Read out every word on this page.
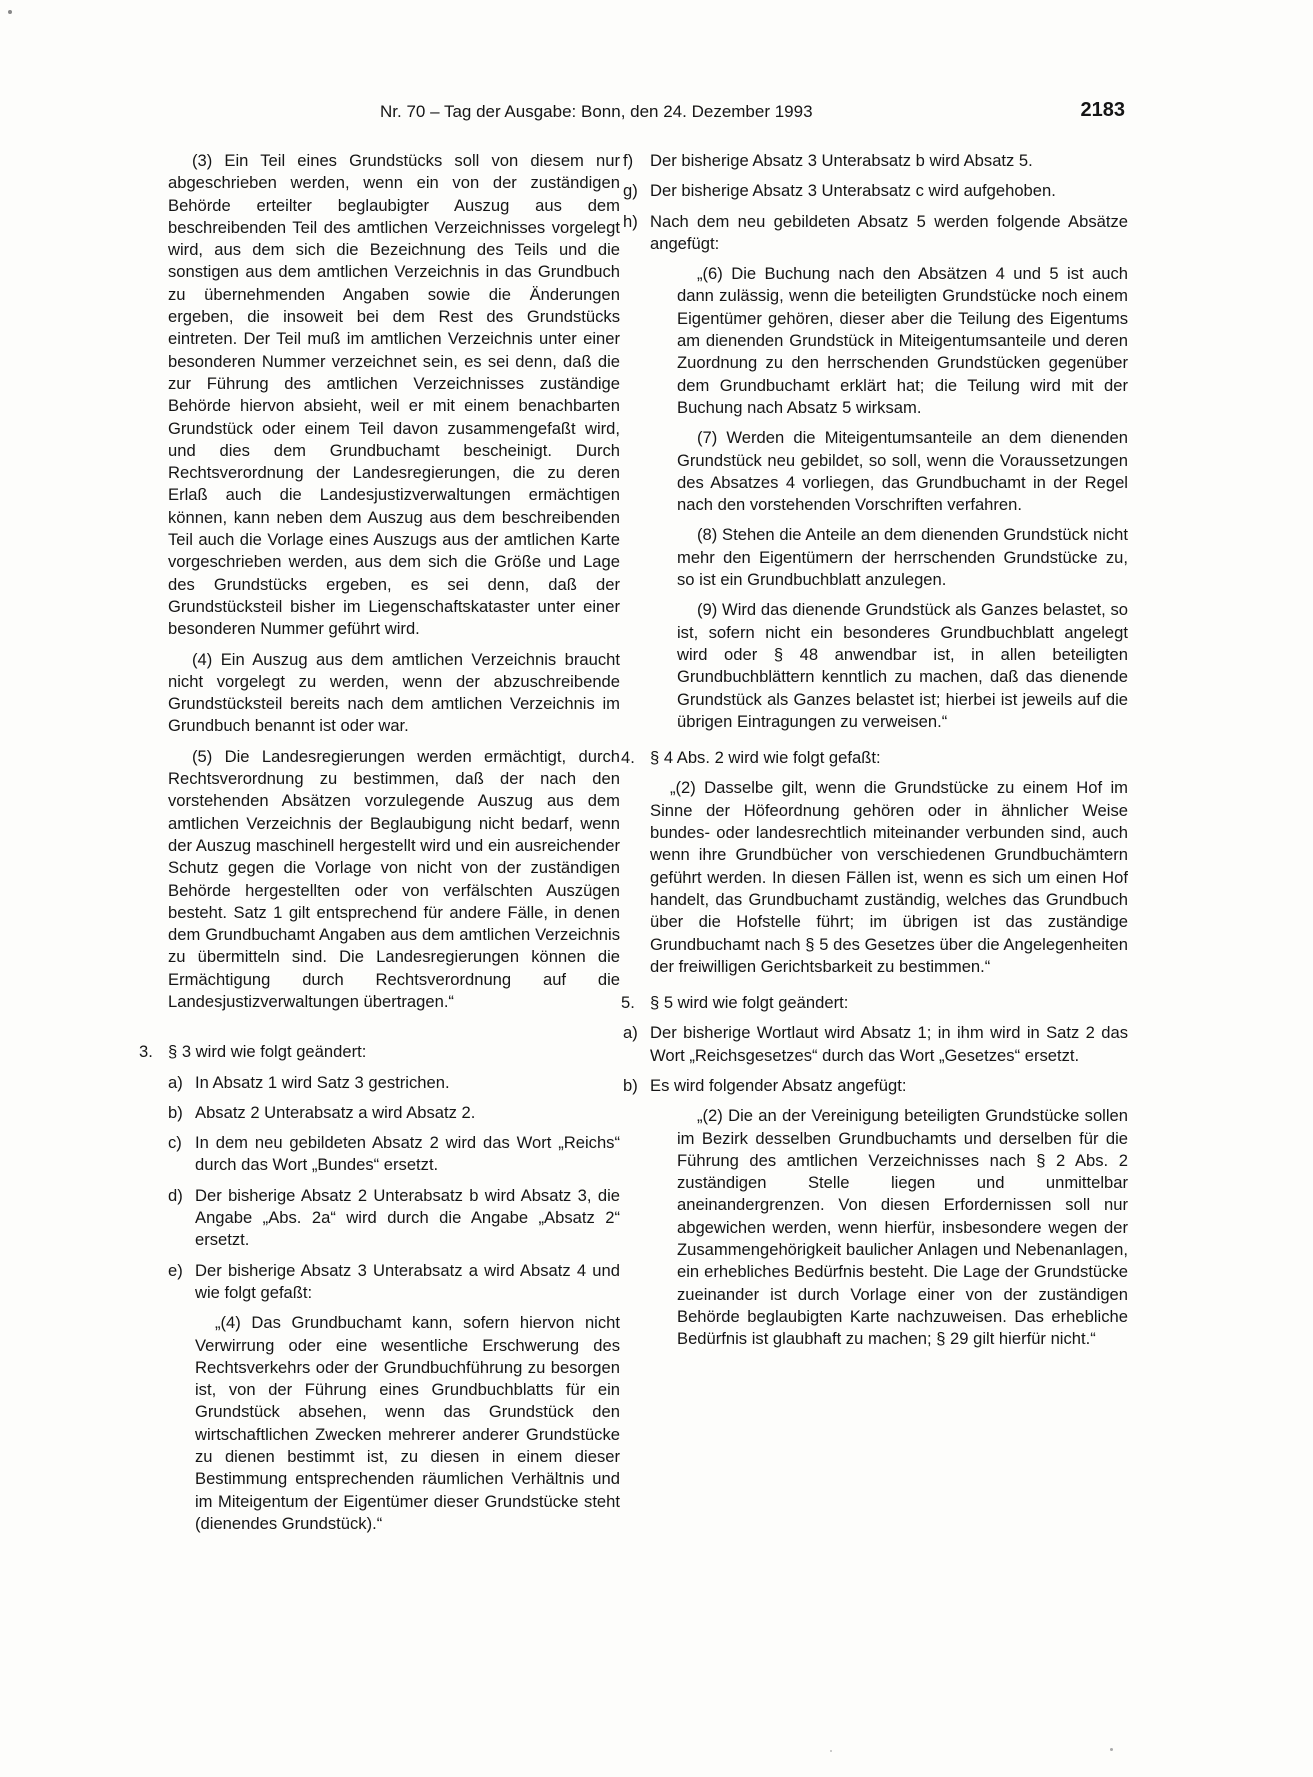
Nr. 70 – Tag der Ausgabe: Bonn, den 24. Dezember 1993	2183

(3) Ein Teil eines Grundstücks soll von diesem nur abgeschrieben werden, wenn ein von der zuständigen Behörde erteilter beglaubigter Auszug aus dem beschreibenden Teil des amtlichen Verzeichnisses vorgelegt wird, aus dem sich die Bezeichnung des Teils und die sonstigen aus dem amtlichen Verzeichnis in das Grundbuch zu übernehmenden Angaben sowie die Änderungen ergeben, die insoweit bei dem Rest des Grundstücks eintreten. Der Teil muß im amtlichen Verzeichnis unter einer besonderen Nummer verzeichnet sein, es sei denn, daß die zur Führung des amtlichen Verzeichnisses zuständige Behörde hiervon absieht, weil er mit einem benachbarten Grundstück oder einem Teil davon zusammengefaßt wird, und dies dem Grundbuchamt bescheinigt. Durch Rechtsverordnung der Landesregierungen, die zu deren Erlaß auch die Landesjustizverwaltungen ermächtigen können, kann neben dem Auszug aus dem beschreibenden Teil auch die Vorlage eines Auszugs aus der amtlichen Karte vorgeschrieben werden, aus dem sich die Größe und Lage des Grundstücks ergeben, es sei denn, daß der Grundstücksteil bisher im Liegenschaftskataster unter einer besonderen Nummer geführt wird.

(4) Ein Auszug aus dem amtlichen Verzeichnis braucht nicht vorgelegt zu werden, wenn der abzuschreibende Grundstücksteil bereits nach dem amtlichen Verzeichnis im Grundbuch benannt ist oder war.

(5) Die Landesregierungen werden ermächtigt, durch Rechtsverordnung zu bestimmen, daß der nach den vorstehenden Absätzen vorzulegende Auszug aus dem amtlichen Verzeichnis der Beglaubigung nicht bedarf, wenn der Auszug maschinell hergestellt wird und ein ausreichender Schutz gegen die Vorlage von nicht von der zuständigen Behörde hergestellten oder von verfälschten Auszügen besteht. Satz 1 gilt entsprechend für andere Fälle, in denen dem Grundbuchamt Angaben aus dem amtlichen Verzeichnis zu übermitteln sind. Die Landesregierungen können die Ermächtigung durch Rechtsverordnung auf die Landesjustizverwaltungen übertragen.“

3. § 3 wird wie folgt geändert:
a) In Absatz 1 wird Satz 3 gestrichen.
b) Absatz 2 Unterabsatz a wird Absatz 2.
c) In dem neu gebildeten Absatz 2 wird das Wort „Reichs“ durch das Wort „Bundes“ ersetzt.
d) Der bisherige Absatz 2 Unterabsatz b wird Absatz 3, die Angabe „Abs. 2a“ wird durch die Angabe „Absatz 2“ ersetzt.
e) Der bisherige Absatz 3 Unterabsatz a wird Absatz 4 und wie folgt gefaßt:

„(4) Das Grundbuchamt kann, sofern hiervon nicht Verwirrung oder eine wesentliche Erschwerung des Rechtsverkehrs oder der Grundbuchführung zu besorgen ist, von der Führung eines Grundbuchblatts für ein Grundstück absehen, wenn das Grundstück den wirtschaftlichen Zwecken mehrerer anderer Grundstücke zu dienen bestimmt ist, zu diesen in einem dieser Bestimmung entsprechenden räumlichen Verhältnis und im Miteigentum der Eigentümer dieser Grundstücke steht (dienendes Grundstück).“

f) Der bisherige Absatz 3 Unterabsatz b wird Absatz 5.
g) Der bisherige Absatz 3 Unterabsatz c wird aufgehoben.
h) Nach dem neu gebildeten Absatz 5 werden folgende Absätze angefügt:

„(6) Die Buchung nach den Absätzen 4 und 5 ist auch dann zulässig, wenn die beteiligten Grundstücke noch einem Eigentümer gehören, dieser aber die Teilung des Eigentums am dienenden Grundstück in Miteigentumsanteile und deren Zuordnung zu den herrschenden Grundstücken gegenüber dem Grundbuchamt erklärt hat; die Teilung wird mit der Buchung nach Absatz 5 wirksam.

(7) Werden die Miteigentumsanteile an dem dienenden Grundstück neu gebildet, so soll, wenn die Voraussetzungen des Absatzes 4 vorliegen, das Grundbuchamt in der Regel nach den vorstehenden Vorschriften verfahren.

(8) Stehen die Anteile an dem dienenden Grundstück nicht mehr den Eigentümern der herrschenden Grundstücke zu, so ist ein Grundbuchblatt anzulegen.

(9) Wird das dienende Grundstück als Ganzes belastet, so ist, sofern nicht ein besonderes Grundbuchblatt angelegt wird oder § 48 anwendbar ist, in allen beteiligten Grundbuchblättern kenntlich zu machen, daß das dienende Grundstück als Ganzes belastet ist; hierbei ist jeweils auf die übrigen Eintragungen zu verweisen.“

4. § 4 Abs. 2 wird wie folgt gefaßt:

„(2) Dasselbe gilt, wenn die Grundstücke zu einem Hof im Sinne der Höfeordnung gehören oder in ähnlicher Weise bundes- oder landesrechtlich miteinander verbunden sind, auch wenn ihre Grundbücher von verschiedenen Grundbuchämtern geführt werden. In diesen Fällen ist, wenn es sich um einen Hof handelt, das Grundbuchamt zuständig, welches das Grundbuch über die Hofstelle führt; im übrigen ist das zuständige Grundbuchamt nach § 5 des Gesetzes über die Angelegenheiten der freiwilligen Gerichtsbarkeit zu bestimmen.“

5. § 5 wird wie folgt geändert:
a) Der bisherige Wortlaut wird Absatz 1; in ihm wird in Satz 2 das Wort „Reichsgesetzes“ durch das Wort „Gesetzes“ ersetzt.
b) Es wird folgender Absatz angefügt:

„(2) Die an der Vereinigung beteiligten Grundstücke sollen im Bezirk desselben Grundbuchamts und derselben für die Führung des amtlichen Verzeichnisses nach § 2 Abs. 2 zuständigen Stelle liegen und unmittelbar aneinandergrenzen. Von diesen Erfordernissen soll nur abgewichen werden, wenn hierfür, insbesondere wegen der Zusammengehörigkeit baulicher Anlagen und Nebenanlagen, ein erhebliches Bedürfnis besteht. Die Lage der Grundstücke zueinander ist durch Vorlage einer von der zuständigen Behörde beglaubigten Karte nachzuweisen. Das erhebliche Bedürfnis ist glaubhaft zu machen; § 29 gilt hierfür nicht.“
